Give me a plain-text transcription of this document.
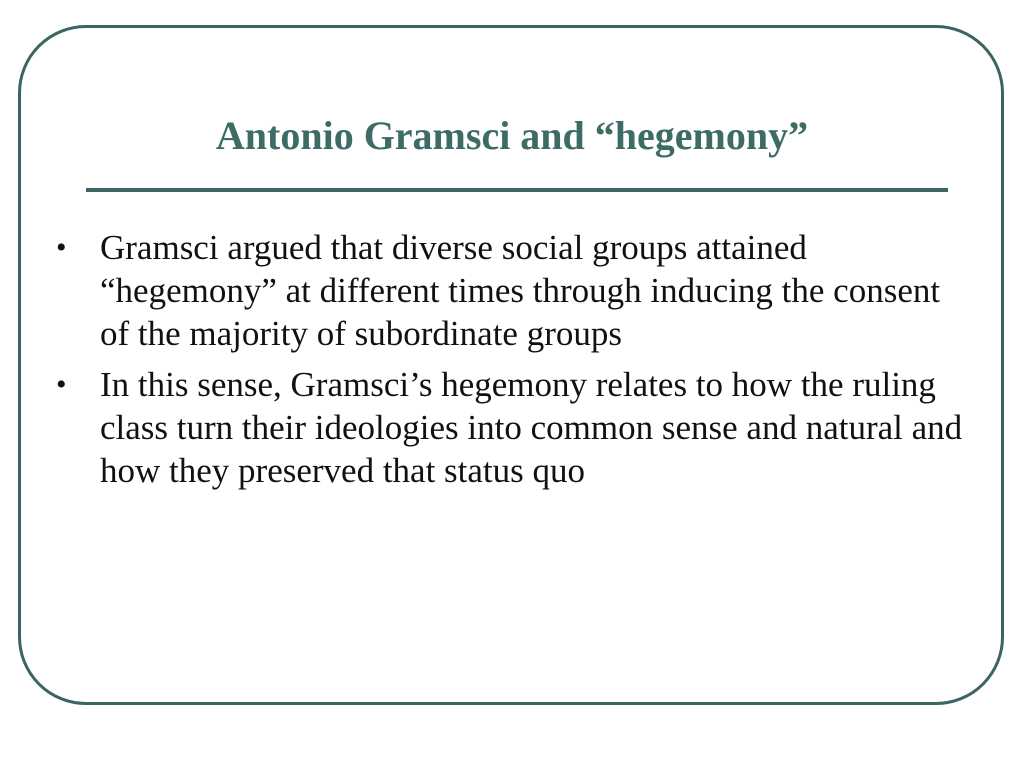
Antonio Gramsci and “hegemony”
• Gramsci argued that diverse social groups attained “hegemony” at different times through inducing the consent of the majority of subordinate groups
• In this sense, Gramsci’s hegemony relates to how the ruling class turn their ideologies into common sense and natural and how they preserved that status quo
